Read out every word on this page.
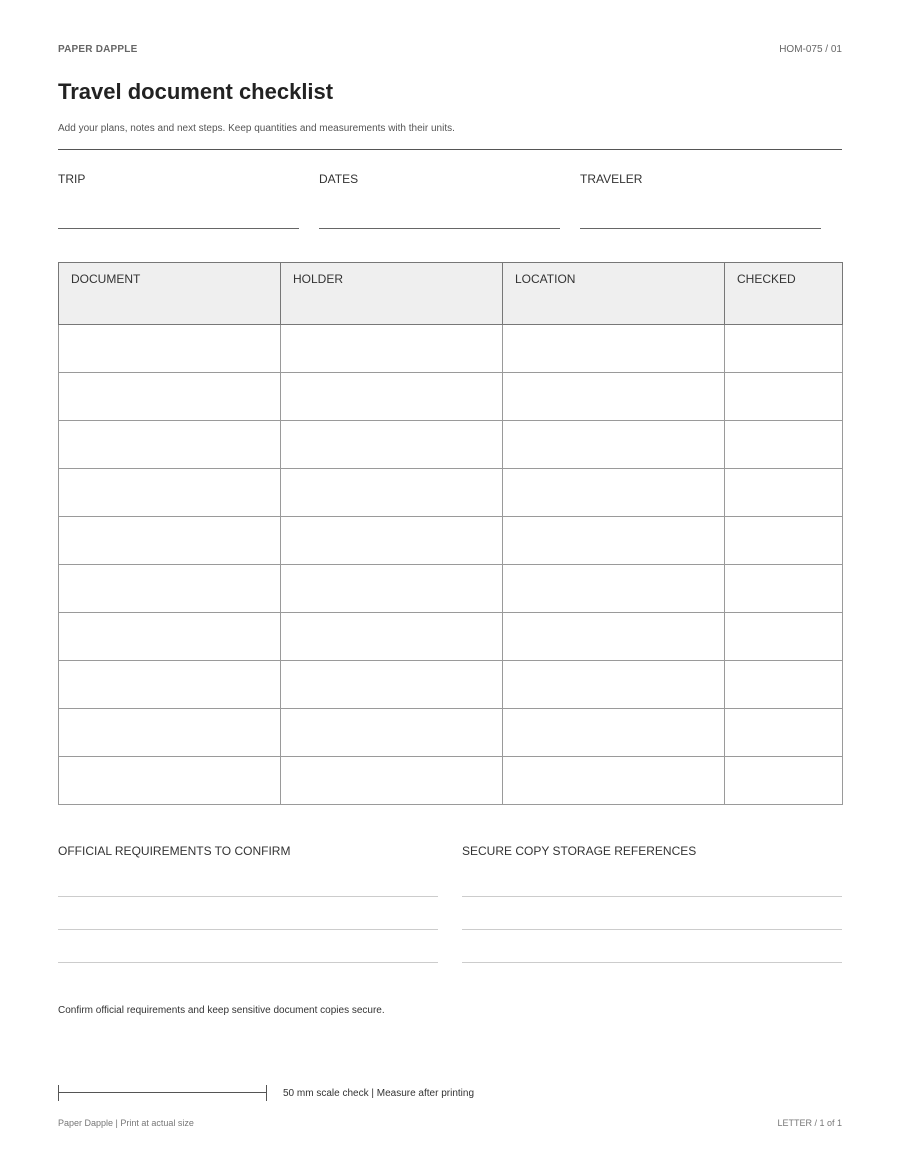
PAPER DAPPLE	HOM-075 / 01
Travel document checklist
Add your plans, notes and next steps. Keep quantities and measurements with their units.
TRIP	DATES	TRAVELER
DOCUMENT	HOLDER	LOCATION	CHECKED

OFFICIAL REQUIREMENTS TO CONFIRM	SECURE COPY STORAGE REFERENCES
Confirm official requirements and keep sensitive document copies secure.
50 mm scale check | Measure after printing
Paper Dapple | Print at actual size	LETTER / 1 of 1
